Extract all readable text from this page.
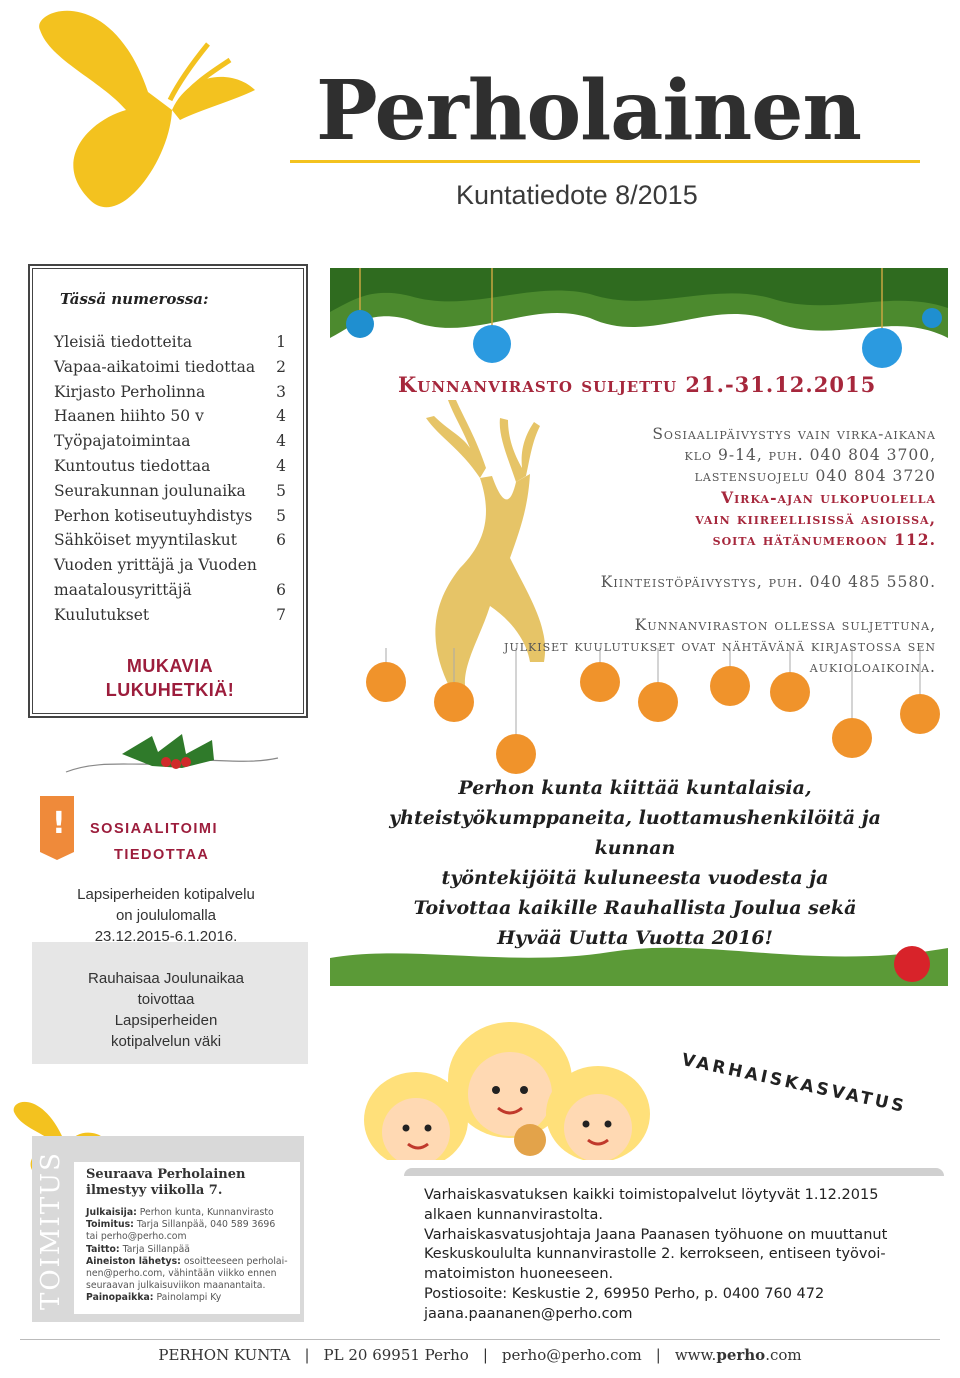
Perholainen
Kuntatiedote 8/2015
Tässä numerossa:
Yleisiä tiedotteita	1
Vapaa-aikatoimi tiedottaa 2
Kirjasto Perholinna	3
Haanen hiihto 50 v	4
Työpajatoimintaa	4
Kuntoutus tiedottaa	4
Seurakunnan joulunaika 5
Perhon kotiseutuyhdistys 5
Sähköiset myyntilaskut	6
Vuoden yrittäjä ja Vuoden
maatalousyrittäjä	6
Kuulutukset	7
MUKAVIA
LUKUHETKIÄ!
Kunnanvirasto suljettu 21.-31.12.2015
Sosiaalipäivystys vain virka-aikana
klo 9-14, puh. 040 804 3700,
lastensuojelu 040 804 3720
Virka-ajan ulkopuolella
vain kiireellisissä asioissa,
soita hätänumeroon 112.
Kiinteistöpäivystys, puh. 040 485 5580.
Kunnanviraston ollessa suljettuna,
julkiset kuulutukset ovat nähtävänä kirjastossa sen
aukioloaikoina.
Perhon kunta kiittää kuntalaisia,
yhteistyökumppaneita, luottamushenkilöitä ja kunnan
työntekijöitä kuluneesta vuodesta ja
Toivottaa kaikille Rauhallista Joulua sekä
Hyvää Uutta Vuotta 2016!
! SOSIAALITOIMI
TIEDOTTAA
Lapsiperheiden kotipalvelu
on joululomalla
23.12.2015-6.1.2016.
Rauhaisaa Joulunaikaa
toivottaa
Lapsiperheiden
kotipalvelun väki
TOIMITUS Seuraava Perholainen
ilmestyy viikolla 7.
Julkaisija: Perhon kunta, Kunnanvirasto
Toimitus: Tarja Sillanpää, 040 589 3696
tai perho@perho.com
Taitto: Tarja Sillanpää
Aineiston lähetys: osoitteeseen perholai-
nen@perho.com, vähintään viikko ennen
seuraavan julkaisuviikon maanantaita.
Painopaikka: Painolampi Ky
VARHAISKASVATUS

Varhaiskasvatuksen kaikki toimistopalvelut löytyvät 1.12.2015

alkaen kunnanvirastolta.

Varhaiskasvatusjohtaja Jaana Paanasen työhuone on muuttanut

Keskuskoululta kunnanvirastolle 2. kerrokseen, entiseen työvoi-

matoimiston huoneeseen.

Postiosoite: Keskustie 2, 69950 Perho, p. 0400 760 472

jaana.paananen@perho.com

PERHON KUNTA | PL 20 69951 Perho | perho@perho.com | www.perho.com
